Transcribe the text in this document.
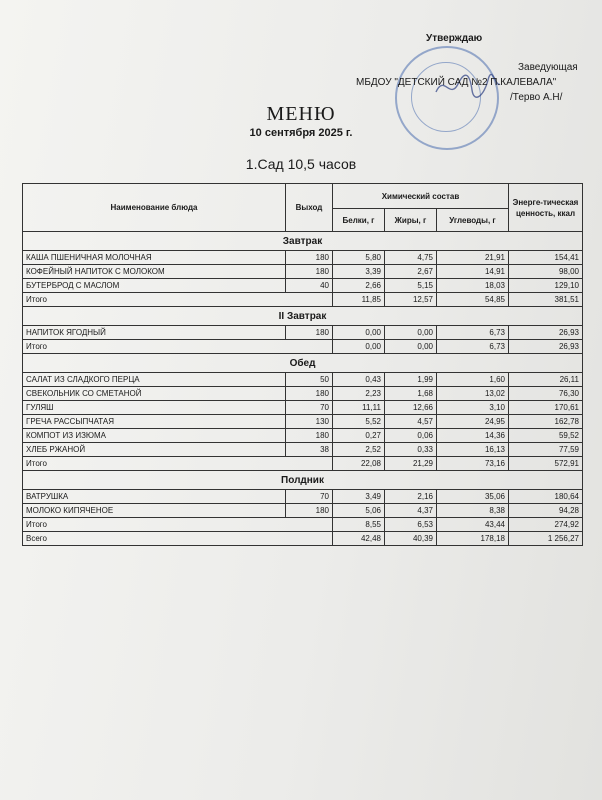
Утверждаю
Заведующая
МБДОУ "ДЕТСКИЙ САД №2 П.КАЛЕВАЛА"
/Терво А.Н/
МЕНЮ
10 сентября 2025 г.
1.Сад 10,5 часов
Наименование блюда	Выход	Химический состав			Энерге-тическая ценность, ккал
		Белки, г	Жиры, г	Углеводы, г	
Завтрак					
КАША ПШЕНИЧНАЯ МОЛОЧНАЯ	180	5,80	4,75	21,91	154,41
КОФЕЙНЫЙ НАПИТОК С МОЛОКОМ	180	3,39	2,67	14,91	98,00
БУТЕРБРОД С МАСЛОМ	40	2,66	5,15	18,03	129,10
Итого		11,85	12,57	54,85	381,51
II Завтрак					
НАПИТОК ЯГОДНЫЙ	180	0,00	0,00	6,73	26,93
Итого		0,00	0,00	6,73	26,93
Обед					
САЛАТ ИЗ СЛАДКОГО ПЕРЦА	50	0,43	1,99	1,60	26,11
СВЕКОЛЬНИК СО СМЕТАНОЙ	180	2,23	1,68	13,02	76,30
ГУЛЯШ	70	11,11	12,66	3,10	170,61
ГРЕЧА РАССЫПЧАТАЯ	130	5,52	4,57	24,95	162,78
КОМПОТ ИЗ ИЗЮМА	180	0,27	0,06	14,36	59,52
ХЛЕБ РЖАНОЙ	38	2,52	0,33	16,13	77,59
Итого		22,08	21,29	73,16	572,91
Полдник					
ВАТРУШКА	70	3,49	2,16	35,06	180,64
МОЛОКО КИПЯЧЕНОЕ	180	5,06	4,37	8,38	94,28
Итого		8,55	6,53	43,44	274,92
Всего		42,48	40,39	178,18	1 256,27
